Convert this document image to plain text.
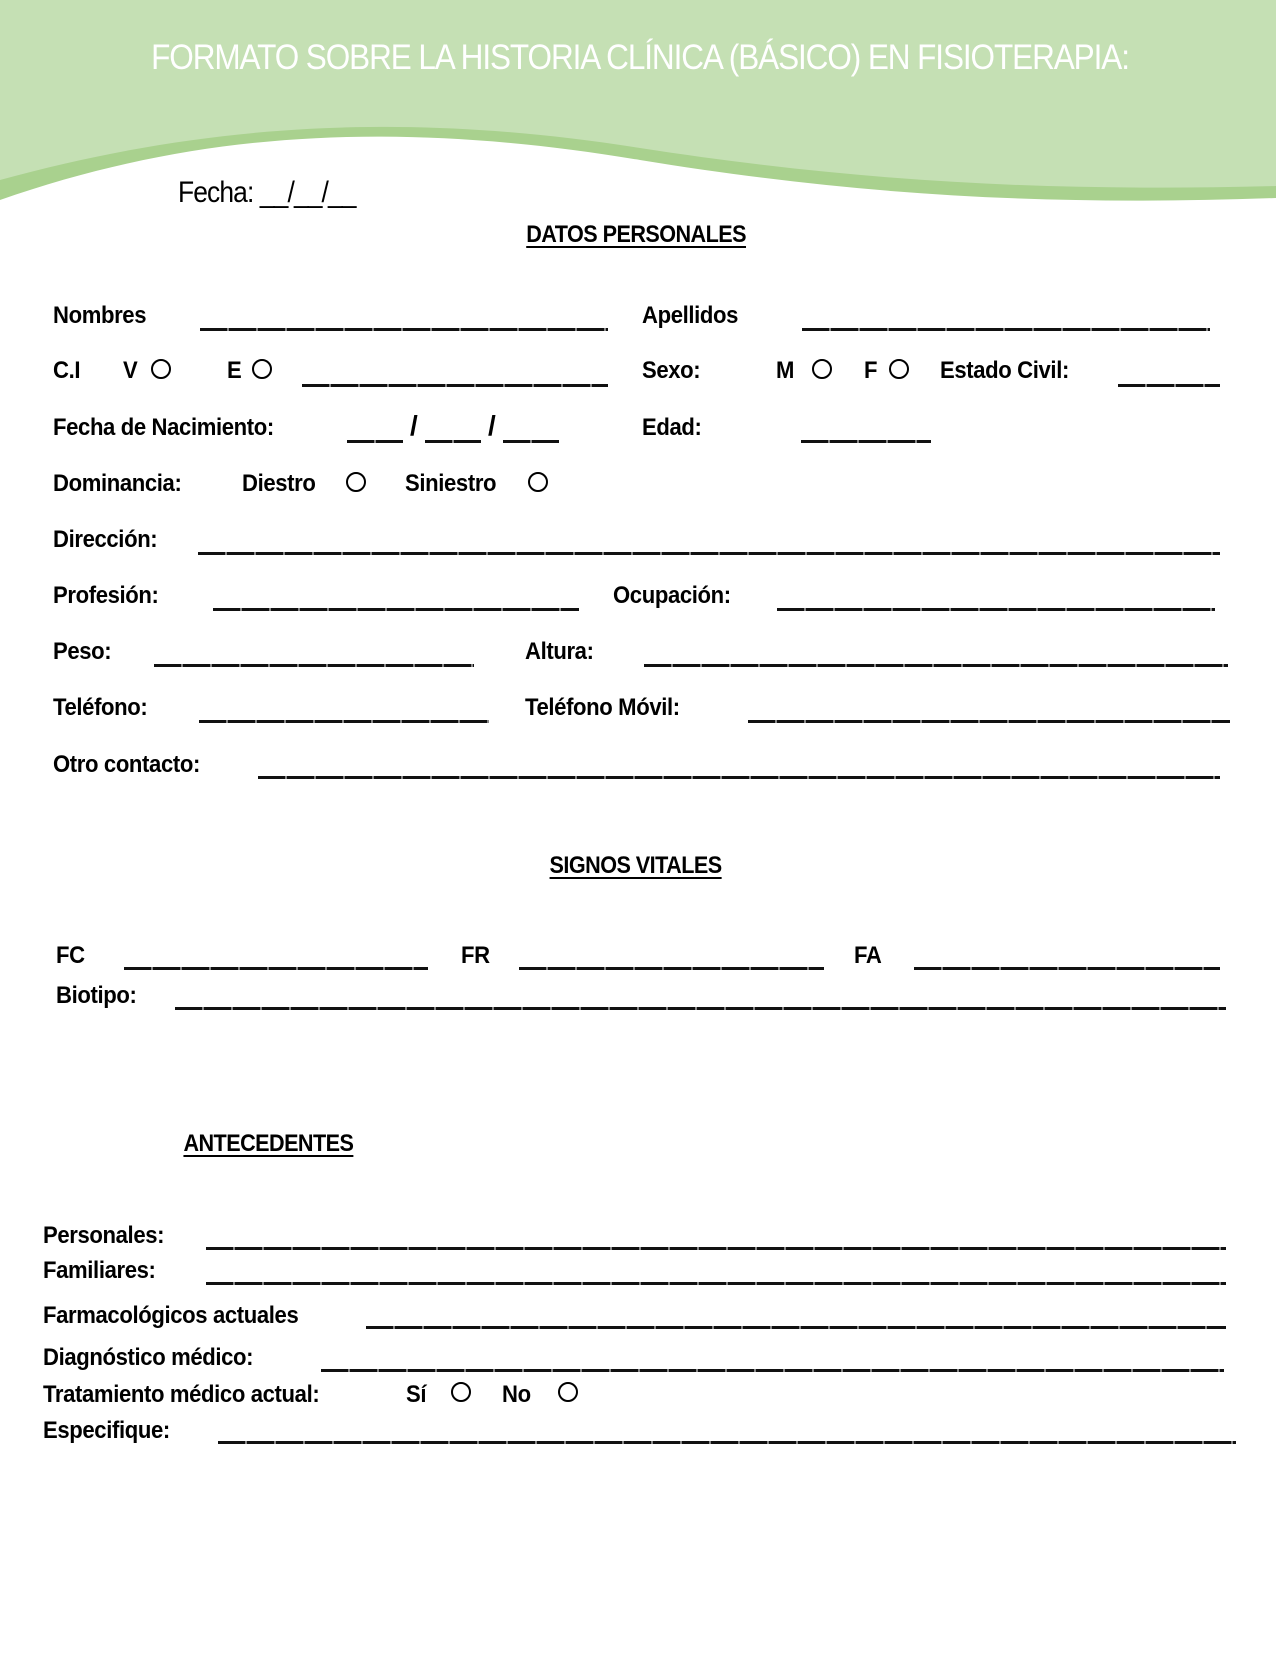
FORMATO SOBRE LA HISTORIA CLÍNICA (BÁSICO) EN FISIOTERAPIA:
Fecha: __/__/__
DATOS PERSONALES
Nombres	Apellidos
C.I V	E	Sexo:	M	F	Estado Civil:
Fecha de Nacimiento:	/	/	Edad:
Dominancia:	Diestro	Siniestro
Dirección:
Profesión:	Ocupación:
Peso:	Altura:
Teléfono:	Teléfono Móvil:
Otro contacto:
SIGNOS VITALES
FC	FR	FA
Biotipo:
ANTECEDENTES
Personales:
Familiares:
Farmacológicos actuales
Diagnóstico médico:
Tratamiento médico actual:	Sí	No
Especifique:
